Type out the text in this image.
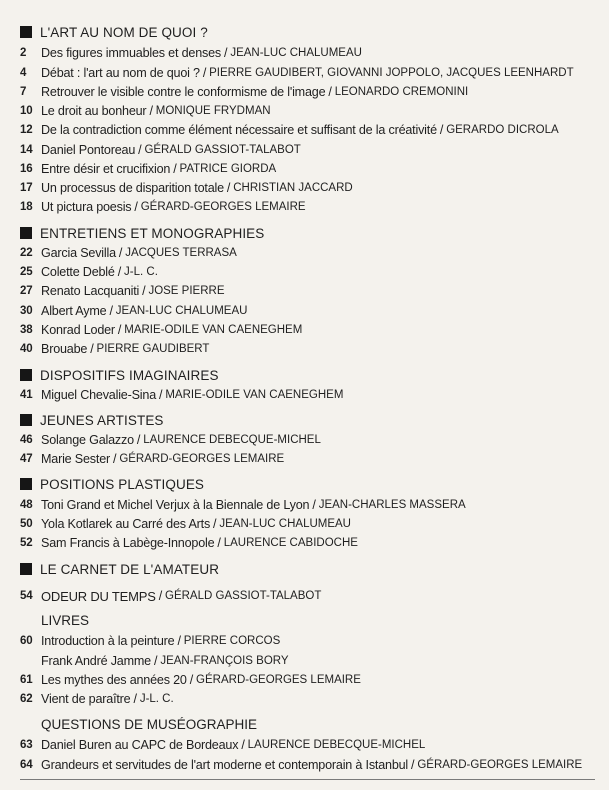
L'ART AU NOM DE QUOI ?
2	Des figures immuables et denses / JEAN-LUC CHALUMEAU
4	Débat : l'art au nom de quoi ? / PIERRE GAUDIBERT, GIOVANNI JOPPOLO, JACQUES LEENHARDT
7	Retrouver le visible contre le conformisme de l'image / LEONARDO CREMONINI
10 Le droit au bonheur / MONIQUE FRYDMAN
12 De la contradiction comme élément nécessaire et suffisant de la créativité / GERARDO DICROLA
14 Daniel Pontoreau / GÉRALD GASSIOT-TALABOT
16 Entre désir et crucifixion / PATRICE GIORDA
17 Un processus de disparition totale / CHRISTIAN JACCARD
18 Ut pictura poesis / GÉRARD-GEORGES LEMAIRE
ENTRETIENS ET MONOGRAPHIES
22 Garcia Sevilla / JACQUES TERRASA
25 Colette Deblé / J-L. C.
27 Renato Lacquaniti / JOSE PIERRE
30 Albert Ayme / JEAN-LUC CHALUMEAU
38 Konrad Loder / MARIE-ODILE VAN CAENEGHEM
40 Brouabe / PIERRE GAUDIBERT
DISPOSITIFS IMAGINAIRES
41 Miguel Chevalie-Sina / MARIE-ODILE VAN CAENEGHEM
JEUNES ARTISTES
46 Solange Galazzo / LAURENCE DEBECQUE-MICHEL
47 Marie Sester / GÉRARD-GEORGES LEMAIRE
POSITIONS PLASTIQUES
48 Toni Grand et Michel Verjux à la Biennale de Lyon / JEAN-CHARLES MASSERA
50 Yola Kotlarek au Carré des Arts / JEAN-LUC CHALUMEAU
52 Sam Francis à Labège-Innopole / LAURENCE CABIDOCHE
LE CARNET DE L'AMATEUR
54 ODEUR DU TEMPS / GÉRALD GASSIOT-TALABOT
LIVRES
60 Introduction à la peinture / PIERRE CORCOS
Frank André Jamme / JEAN-FRANÇOIS BORY
61 Les mythes des années 20 / GÉRARD-GEORGES LEMAIRE
62 Vient de paraître / J-L. C.
QUESTIONS DE MUSÉOGRAPHIE
63 Daniel Buren au CAPC de Bordeaux / LAURENCE DEBECQUE-MICHEL
64 Grandeurs et servitudes de l'art moderne et contemporain à Istanbul / GÉRARD-GEORGES LEMAIRE
